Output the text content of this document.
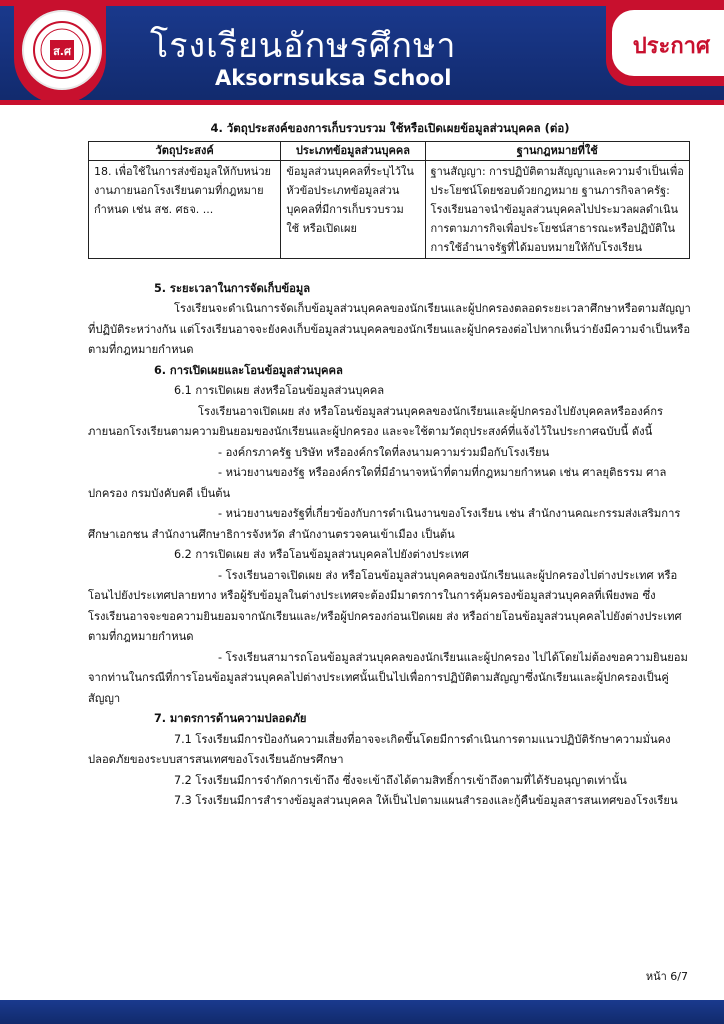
ส.ศ โรงเรียนอักษรศึกษา
Aksornsuksa School
ประกาศ
4. วัตถุประสงค์ของการเก็บรวบรวม ใช้หรือเปิดเผยข้อมูลส่วนบุคคล (ต่อ)
วัตถุประสงค์	ประเภทข้อมูลส่วนบุคคล	ฐานกฎหมายที่ใช้
18. เพื่อใช้ในการส่งข้อมูลให้กับหน่วยงานภายนอกโรงเรียนตามที่กฎหมายกำหนด เช่น สช. ศธจ. ...	ข้อมูลส่วนบุคคลที่ระบุไว้ในหัวข้อประเภทข้อมูลส่วนบุคคลที่มีการเก็บรวบรวม ใช้ หรือเปิดเผย	ฐานสัญญา: การปฏิบัติตามสัญญาและความจำเป็นเพื่อประโยชน์โดยชอบด้วยกฎหมาย ฐานภารกิจลาครัฐ: โรงเรียนอาจนำข้อมูลส่วนบุคคลไปประมวลผลดำเนินการตามภารกิจเพื่อประโยชน์สาธารณะหรือปฏิบัติในการใช้อำนาจรัฐที่ได้มอบหมายให้กับโรงเรียน

5. ระยะเวลาในการจัดเก็บข้อมูล

โรงเรียนจะดำเนินการจัดเก็บข้อมูลส่วนบุคคลของนักเรียนและผู้ปกครองตลอดระยะเวลาศึกษาหรือตามสัญญาที่ปฏิบัติระหว่างกัน แต่โรงเรียนอาจจะยังคงเก็บข้อมูลส่วนบุคคลของนักเรียนและผู้ปกครองต่อไปหากเห็นว่ายังมีความจำเป็นหรือตามที่กฎหมายกำหนด

6. การเปิดเผยและโอนข้อมูลส่วนบุคคล

6.1 การเปิดเผย ส่งหรือโอนข้อมูลส่วนบุคคล

โรงเรียนอาจเปิดเผย ส่ง หรือโอนข้อมูลส่วนบุคคลของนักเรียนและผู้ปกครองไปยังบุคคลหรือองค์กรภายนอกโรงเรียนตามความยินยอมของนักเรียนและผู้ปกครอง และจะใช้ตามวัตถุประสงค์ที่แจ้งไว้ในประกาศฉบับนี้ ดังนี้

- องค์กรภาครัฐ บริษัท หรือองค์กรใดที่ลงนามความร่วมมือกับโรงเรียน

- หน่วยงานของรัฐ หรือองค์กรใดที่มีอำนาจหน้าที่ตามที่กฎหมายกำหนด เช่น ศาลยุติธรรม ศาลปกครอง กรมบังคับคดี เป็นต้น

- หน่วยงานของรัฐที่เกี่ยวข้องกับการดำเนินงานของโรงเรียน เช่น สำนักงานคณะกรรมส่งเสริมการศึกษาเอกชน สำนักงานศึกษาธิการจังหวัด สำนักงานตรวจคนเข้าเมือง เป็นต้น

6.2 การเปิดเผย ส่ง หรือโอนข้อมูลส่วนบุคคลไปยังต่างประเทศ

- โรงเรียนอาจเปิดเผย ส่ง หรือโอนข้อมูลส่วนบุคคลของนักเรียนและผู้ปกครองไปต่างประเทศ หรือโอนไปยังประเทศปลายทาง หรือผู้รับข้อมูลในต่างประเทศจะต้องมีมาตรการในการคุ้มครองข้อมูลส่วนบุคคลที่เพียงพอ ซึ่งโรงเรียนอาจจะขอความยินยอมจากนักเรียนและ/หรือผู้ปกครองก่อนเปิดเผย ส่ง หรือถ่ายโอนข้อมูลส่วนบุคคลไปยังต่างประเทศตามที่กฎหมายกำหนด

- โรงเรียนสามารถโอนข้อมูลส่วนบุคคลของนักเรียนและผู้ปกครอง ไปได้โดยไม่ต้องขอความยินยอมจากท่านในกรณีที่การโอนข้อมูลส่วนบุคคลไปต่างประเทศนั้นเป็นไปเพื่อการปฏิบัติตามสัญญาซึ่งนักเรียนและผู้ปกครองเป็นคู่สัญญา

7. มาตรการด้านความปลอดภัย

7.1 โรงเรียนมีการป้องกันความเสี่ยงที่อาจจะเกิดขึ้นโดยมีการดำเนินการตามแนวปฏิบัติรักษาความมั่นคงปลอดภัยของระบบสารสนเทศของโรงเรียนอักษรศึกษา

7.2 โรงเรียนมีการจำกัดการเข้าถึง ซึ่งจะเข้าถึงได้ตามสิทธิ์การเข้าถึงตามที่ได้รับอนุญาตเท่านั้น

7.3 โรงเรียนมีการสำรางข้อมูลส่วนบุคคล ให้เป็นไปตามแผนสำรองและกู้คืนข้อมูลสารสนเทศของโรงเรียน

หน้า 6/7
